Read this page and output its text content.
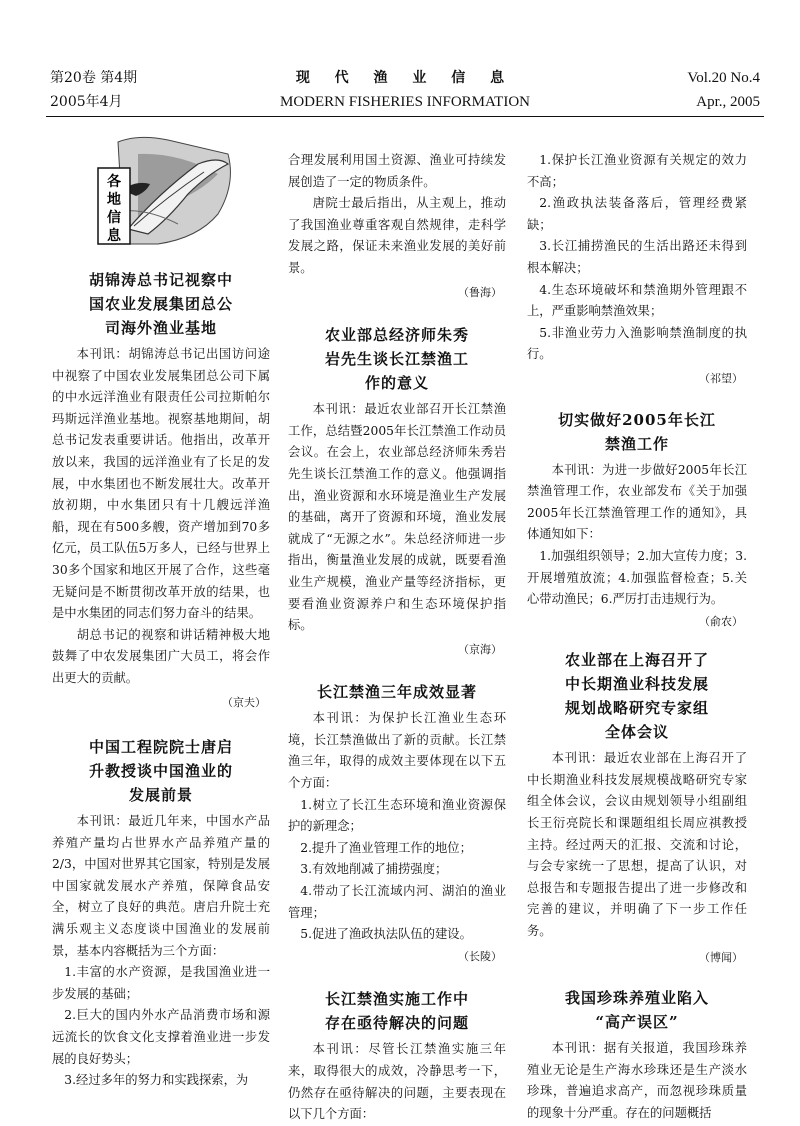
第20卷 第4期
2005年4月
现 代 渔 业 信 息
MODERN FISHERIES INFORMATION
Vol.20 No.4
Apr., 2005
各
地
信
息

胡锦涛总书记视察中

国农业发展集团总公

司海外渔业基地

本刊讯：胡锦涛总书记出国访问途中视察了中国农业发展集团总公司下属的中水远洋渔业有限责任公司拉斯帕尔玛斯远洋渔业基地。视察基地期间，胡总书记发表重要讲话。他指出，改革开放以来，我国的远洋渔业有了长足的发展，中水集团也不断发展壮大。改革开放初期，中水集团只有十几艘远洋渔船，现在有500多艘，资产增加到70多亿元，员工队伍5万多人，已经与世界上30多个国家和地区开展了合作，这些毫无疑问是不断贯彻改革开放的结果，也是中水集团的同志们努力奋斗的结果。

胡总书记的视察和讲话精神极大地鼓舞了中农发展集团广大员工，将会作出更大的贡献。

（京夫）

中国工程院院士唐启

升教授谈中国渔业的

发展前景

本刊讯：最近几年来，中国水产品养殖产量均占世界水产品养殖产量的2/3，中国对世界其它国家，特别是发展中国家就发展水产养殖，保障食品安全，树立了良好的典范。唐启升院士充满乐观主义态度谈中国渔业的发展前景，基本内容概括为三个方面：

1.丰富的水产资源，是我国渔业进一步发展的基础；

2.巨大的国内外水产品消费市场和源远流长的饮食文化支撑着渔业进一步发展的良好势头；

3.经过多年的努力和实践探索，为

合理发展利用国土资源、渔业可持续发展创造了一定的物质条件。

唐院士最后指出，从主观上，推动了我国渔业尊重客观自然规律，走科学发展之路，保证未来渔业发展的美好前景。

（鲁海）

农业部总经济师朱秀

岩先生谈长江禁渔工

作的意义

本刊讯：最近农业部召开长江禁渔工作，总结暨2005年长江禁渔工作动员会议。在会上，农业部总经济师朱秀岩先生谈长江禁渔工作的意义。他强调指出，渔业资源和水环境是渔业生产发展的基础，离开了资源和环境，渔业发展就成了“无源之水”。朱总经济师进一步指出，衡量渔业发展的成就，既要看渔业生产规模，渔业产量等经济指标，更要看渔业资源养户和生态环境保护指标。

（京海）

长江禁渔三年成效显著

本刊讯：为保护长江渔业生态环境，长江禁渔做出了新的贡献。长江禁渔三年，取得的成效主要体现在以下五个方面：

1.树立了长江生态环境和渔业资源保护的新理念；

2.提升了渔业管理工作的地位；

3.有效地削减了捕捞强度；

4.带动了长江流域内河、湖泊的渔业管理；

5.促进了渔政执法队伍的建设。

（长陵）

长江禁渔实施工作中

存在亟待解决的问题

本刊讯：尽管长江禁渔实施三年来，取得很大的成效，冷静思考一下，仍然存在亟待解决的问题，主要表现在以下几个方面：

1.保护长江渔业资源有关规定的效力不高；

2.渔政执法装备落后，管理经费紧缺；

3.长江捕捞渔民的生活出路还未得到根本解决；

4.生态环境破坏和禁渔期外管理跟不上，严重影响禁渔效果；

5.非渔业劳力入渔影响禁渔制度的执行。

（祁望）

切实做好2005年长江

禁渔工作

本刊讯：为进一步做好2005年长江禁渔管理工作，农业部发布《关于加强2005年长江禁渔管理工作的通知》，具体通知如下：

1.加强组织领导；2.加大宣传力度；3.开展增殖放流；4.加强监督检查；5.关心带动渔民；6.严厉打击违规行为。

（俞农）

农业部在上海召开了

中长期渔业科技发展

规划战略研究专家组

全体会议

本刊讯：最近农业部在上海召开了中长期渔业科技发展规模战略研究专家组全体会议，会议由规划领导小组副组长王衍亮院长和课题组组长周应祺教授主持。经过两天的汇报、交流和讨论，与会专家统一了思想，提高了认识，对总报告和专题报告提出了进一步修改和完善的建议，并明确了下一步工作任务。

（博闻）

我国珍珠养殖业陷入

“高产误区”

本刊讯：据有关报道，我国珍珠养殖业无论是生产海水珍珠还是生产淡水珍珠，普遍追求高产，而忽视珍珠质量的现象十分严重。存在的问题概括
